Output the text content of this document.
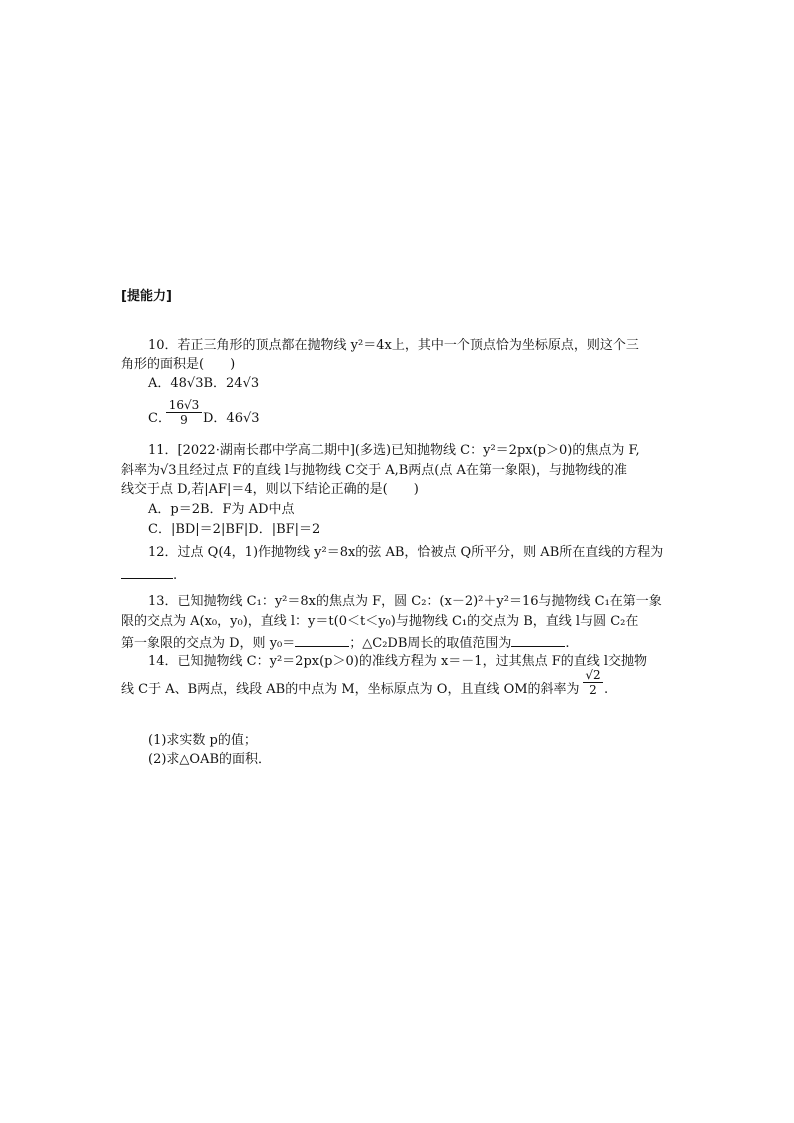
[提能力]
10．若正三角形的顶点都在抛物线 y²＝4x上，其中一个顶点恰为坐标原点，则这个三
角形的面积是(　　)
A．48√3B．24√3
C．
$\frac{16√3}{9}$ D．46√3
11．[2022·湖南长郡中学高二期中](多选)已知抛物线 C：y²＝2px(p＞0)的焦点为 F,
斜率为√3且经过点 F的直线 l与抛物线 C交于 A,B两点(点 A在第一象限)，与抛物线的准
线交于点 D,若|AF|＝4，则以下结论正确的是(　　)
A．p＝2B．F为 AD中点
C．|BD|＝2|BF|D．|BF|＝2
12．过点 Q(4，1)作抛物线 y²＝8x的弦 AB，恰被点 Q所平分，则 AB所在直线的方程为
.
13．已知抛物线 C₁：y²＝8x的焦点为 F，圆 C₂：(x－2)²＋y²＝16与抛物线 C₁在第一象
限的交点为 A(x₀，y₀)，直线 l：y＝t(0＜t＜y₀)与抛物线 C₁的交点为 B，直线 l与圆 C₂在
第一象限的交点为 D，则 y₀＝	；△C₂DB周长的取值范围为	.
14．已知抛物线 C：y²＝2px(p＞0)的准线方程为 x＝－1，过其焦点 F的直线 l交抛物
线 C于 A、B两点，线段 AB的中点为 M，坐标原点为 O，且直线 OM的斜率为 $\frac{√2}{2}$ .
(1)求实数 p的值；
(2)求△OAB的面积．
